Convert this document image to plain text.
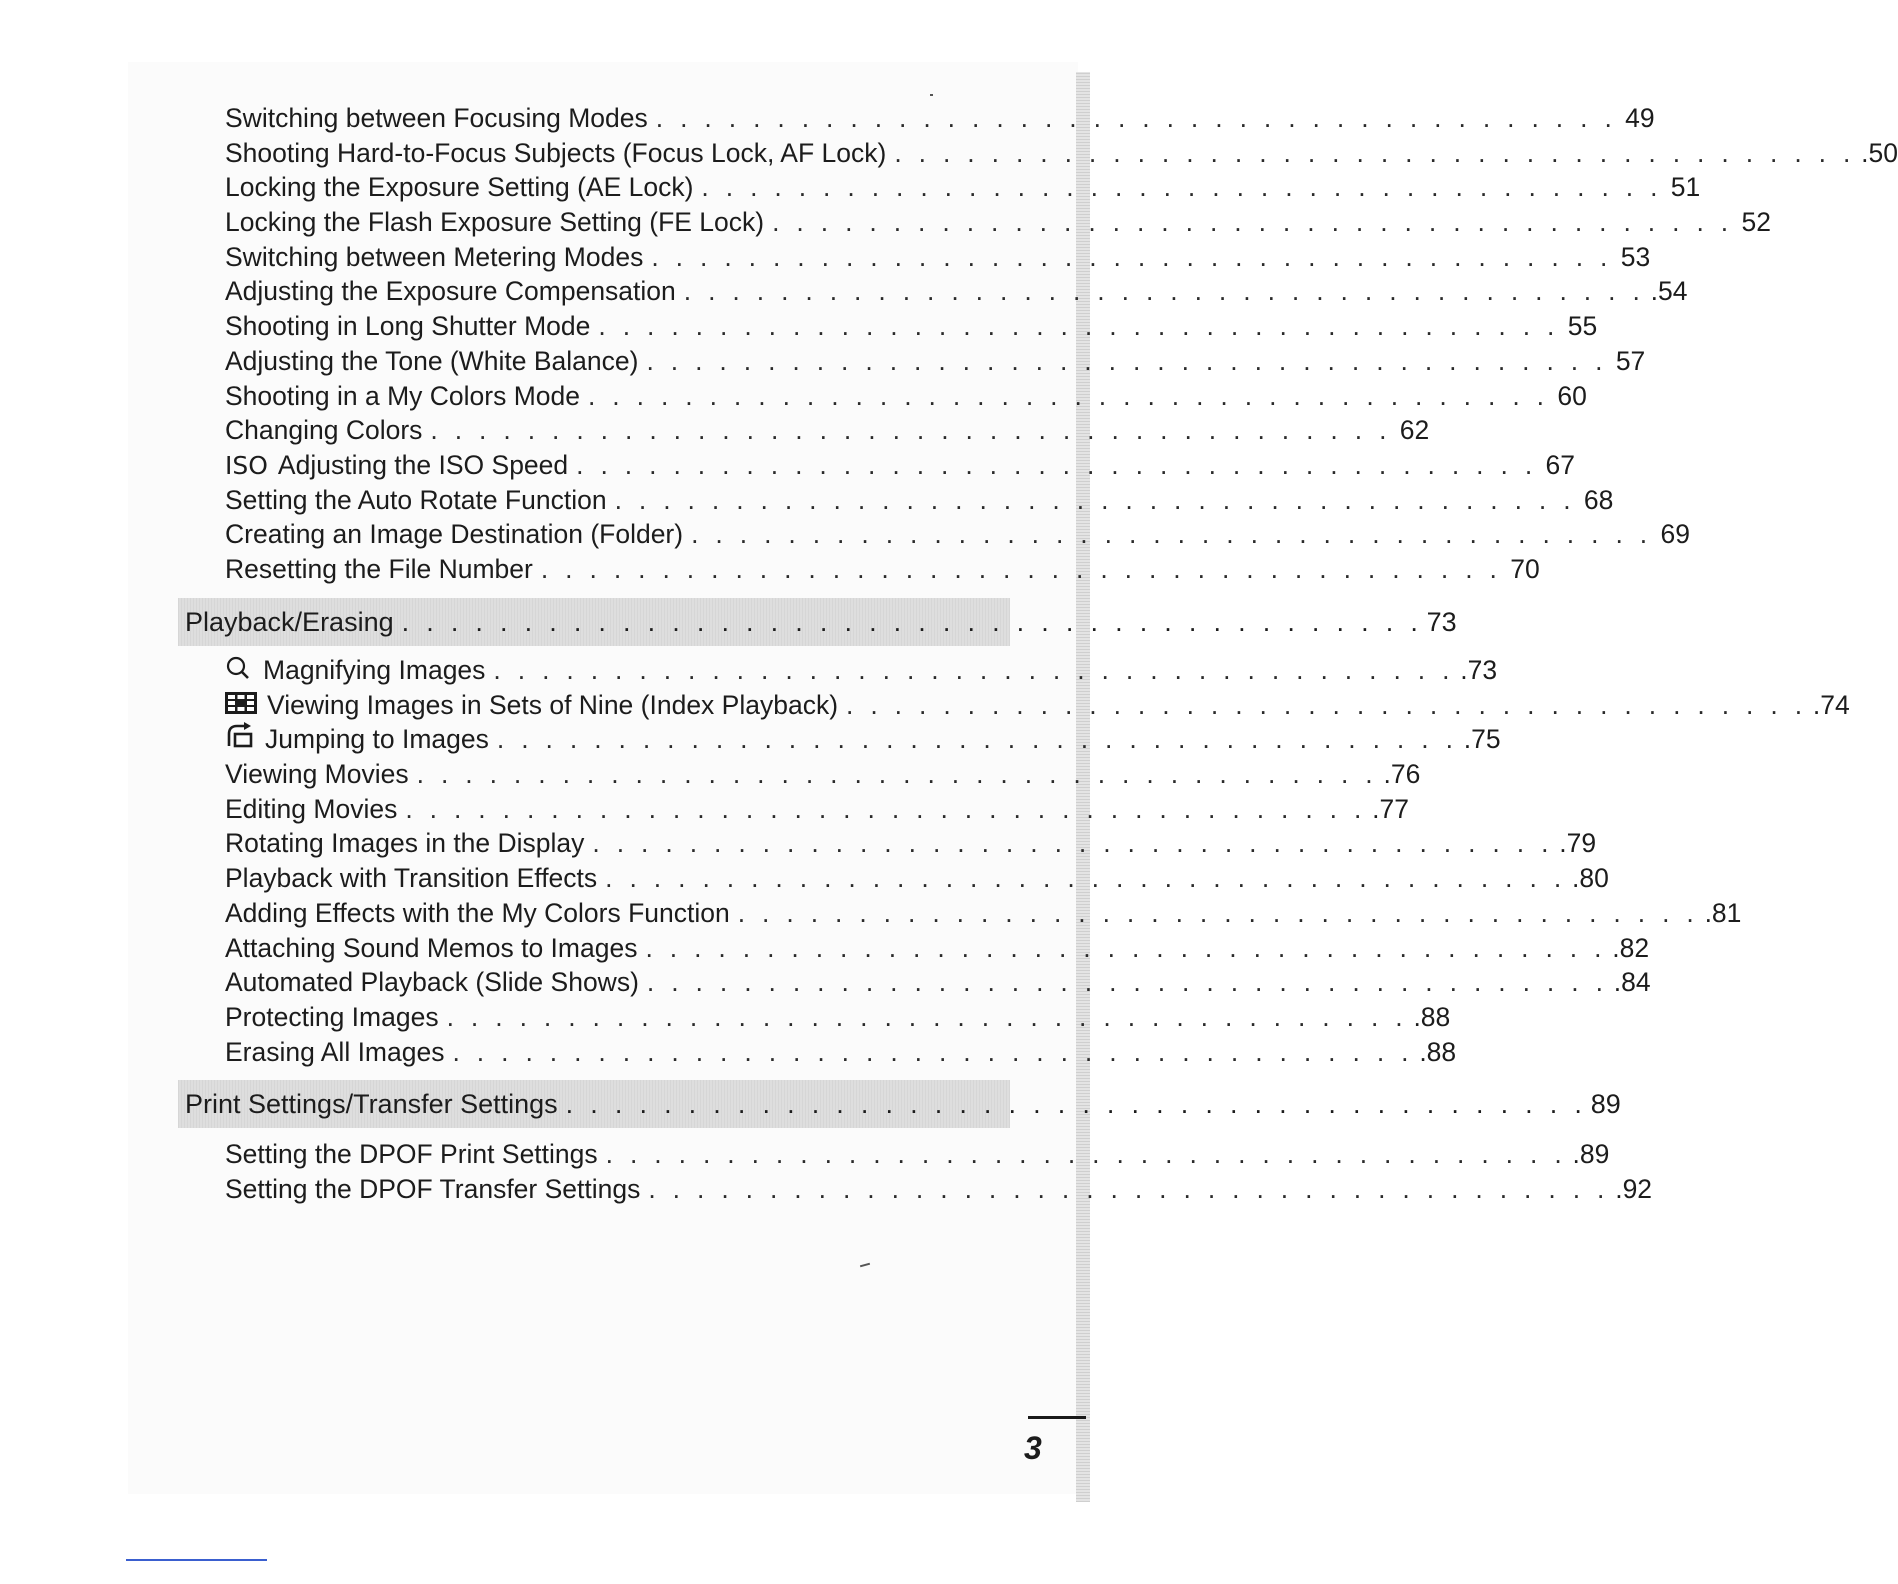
Switching between Focusing Modes . . . . . . . . . . . . . . . . . . . . . . . . . . . . . . . . . . . . . . . . 49
Shooting Hard-to-Focus Subjects (Focus Lock, AF Lock) . . . . . . . . . . . . . . . . . . . . . . . . . . . . . . . . . . . . . . . . .50
Locking the Exposure Setting (AE Lock) . . . . . . . . . . . . . . . . . . . . . . . . . . . . . . . . . . . . . . . . 51
Locking the Flash Exposure Setting (FE Lock) . . . . . . . . . . . . . . . . . . . . . . . . . . . . . . . . . . . . . . . . 52
Switching between Metering Modes . . . . . . . . . . . . . . . . . . . . . . . . . . . . . . . . . . . . . . . . 53
Adjusting the Exposure Compensation . . . . . . . . . . . . . . . . . . . . . . . . . . . . . . . . . . . . . . . . .54
Shooting in Long Shutter Mode . . . . . . . . . . . . . . . . . . . . . . . . . . . . . . . . . . . . . . . . 55
Adjusting the Tone (White Balance) . . . . . . . . . . . . . . . . . . . . . . . . . . . . . . . . . . . . . . . . 57
Shooting in a My Colors Mode . . . . . . . . . . . . . . . . . . . . . . . . . . . . . . . . . . . . . . . . 60
Changing Colors . . . . . . . . . . . . . . . . . . . . . . . . . . . . . . . . . . . . . . . . 62
ISO Adjusting the ISO Speed . . . . . . . . . . . . . . . . . . . . . . . . . . . . . . . . . . . . . . . . 67
Setting the Auto Rotate Function . . . . . . . . . . . . . . . . . . . . . . . . . . . . . . . . . . . . . . . . 68
Creating an Image Destination (Folder) . . . . . . . . . . . . . . . . . . . . . . . . . . . . . . . . . . . . . . . . 69
Resetting the File Number . . . . . . . . . . . . . . . . . . . . . . . . . . . . . . . . . . . . . . . . 70
Playback/Erasing . . . . . . . . . . . . . . . . . . . . . . . . . . . . . . . . . . . . . . . . . . 73
Magnifying Images . . . . . . . . . . . . . . . . . . . . . . . . . . . . . . . . . . . . . . . . .73
Viewing Images in Sets of Nine (Index Playback) . . . . . . . . . . . . . . . . . . . . . . . . . . . . . . . . . . . . . . . . .74
Jumping to Images . . . . . . . . . . . . . . . . . . . . . . . . . . . . . . . . . . . . . . . . .75
Viewing Movies . . . . . . . . . . . . . . . . . . . . . . . . . . . . . . . . . . . . . . . . .76
Editing Movies . . . . . . . . . . . . . . . . . . . . . . . . . . . . . . . . . . . . . . . . .77
Rotating Images in the Display . . . . . . . . . . . . . . . . . . . . . . . . . . . . . . . . . . . . . . . . .79
Playback with Transition Effects . . . . . . . . . . . . . . . . . . . . . . . . . . . . . . . . . . . . . . . . .80
Adding Effects with the My Colors Function . . . . . . . . . . . . . . . . . . . . . . . . . . . . . . . . . . . . . . . . .81
Attaching Sound Memos to Images . . . . . . . . . . . . . . . . . . . . . . . . . . . . . . . . . . . . . . . . .82
Automated Playback (Slide Shows) . . . . . . . . . . . . . . . . . . . . . . . . . . . . . . . . . . . . . . . . .84
Protecting Images . . . . . . . . . . . . . . . . . . . . . . . . . . . . . . . . . . . . . . . . .88
Erasing All Images . . . . . . . . . . . . . . . . . . . . . . . . . . . . . . . . . . . . . . . . .88
Print Settings/Transfer Settings . . . . . . . . . . . . . . . . . . . . . . . . . . . . . . . . . . . . . . . . . . 89
Setting the DPOF Print Settings . . . . . . . . . . . . . . . . . . . . . . . . . . . . . . . . . . . . . . . . .89
Setting the DPOF Transfer Settings . . . . . . . . . . . . . . . . . . . . . . . . . . . . . . . . . . . . . . . . .92
3
